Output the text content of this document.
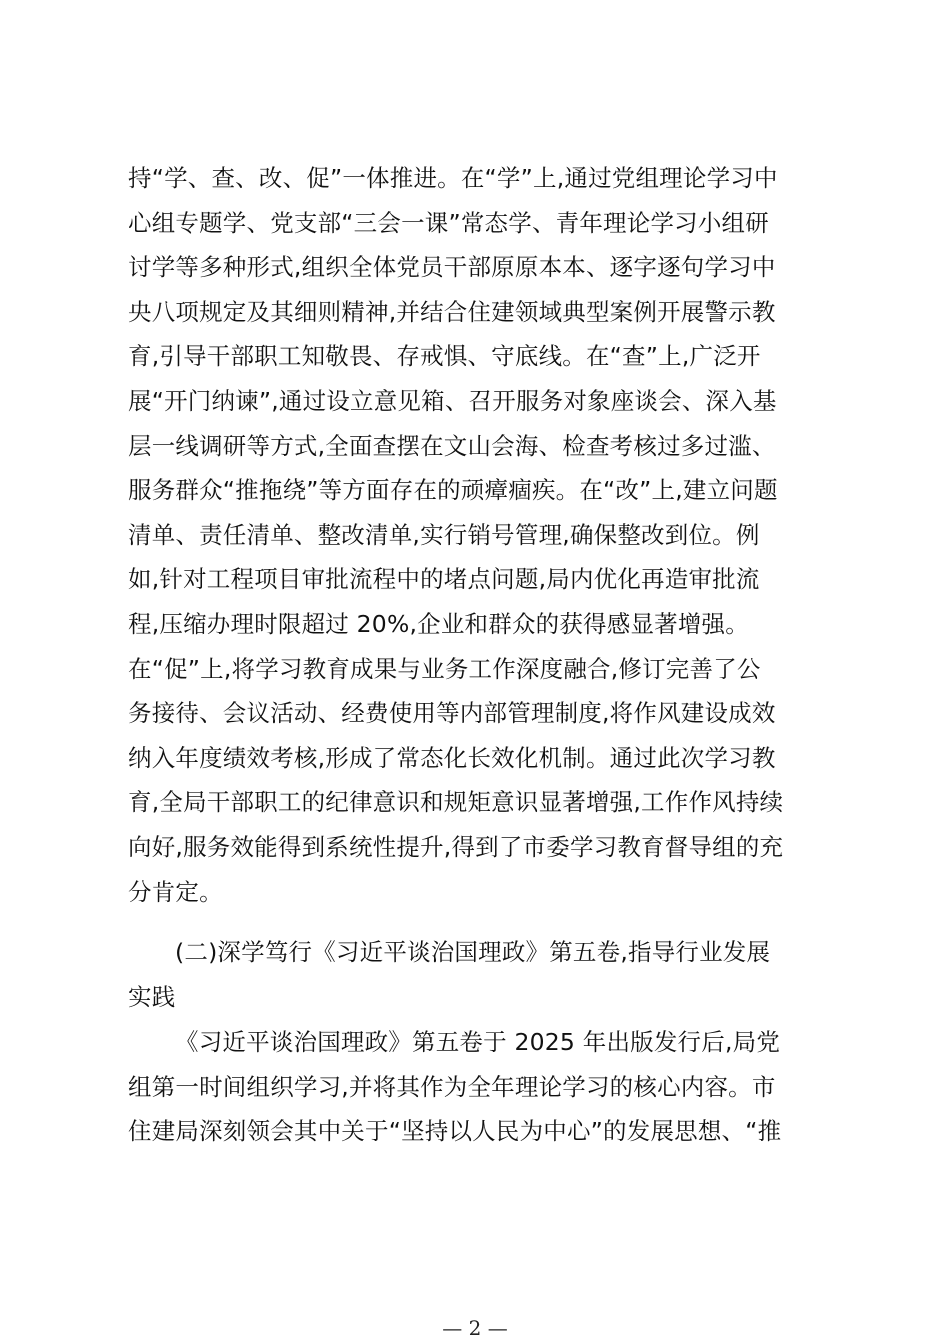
持“学、查、改、促”一体推进。在“学”上,通过党组理论学习中
心组专题学、党支部“三会一课”常态学、青年理论学习小组研
讨学等多种形式,组织全体党员干部原原本本、逐字逐句学习中
央八项规定及其细则精神,并结合住建领域典型案例开展警示教
育,引导干部职工知敬畏、存戒惧、守底线。在“查”上,广泛开
展“开门纳谏”,通过设立意见箱、召开服务对象座谈会、深入基
层一线调研等方式,全面查摆在文山会海、检查考核过多过滥、
服务群众“推拖绕”等方面存在的顽瘴痼疾。在“改”上,建立问题
清单、责任清单、整改清单,实行销号管理,确保整改到位。例
如,针对工程项目审批流程中的堵点问题,局内优化再造审批流
程,压缩办理时限超过 20%,企业和群众的获得感显著增强。
在“促”上,将学习教育成果与业务工作深度融合,修订完善了公
务接待、会议活动、经费使用等内部管理制度,将作风建设成效
纳入年度绩效考核,形成了常态化长效化机制。通过此次学习教
育,全局干部职工的纪律意识和规矩意识显著增强,工作作风持续
向好,服务效能得到系统性提升,得到了市委学习教育督导组的充
分肯定。
(二)深学笃行《习近平谈治国理政》第五卷,指导行业发展
实践
《习近平谈治国理政》第五卷于 2025 年出版发行后,局党
组第一时间组织学习,并将其作为全年理论学习的核心内容。市
住建局深刻领会其中关于“坚持以人民为中心”的发展思想、“推
— 2 —
